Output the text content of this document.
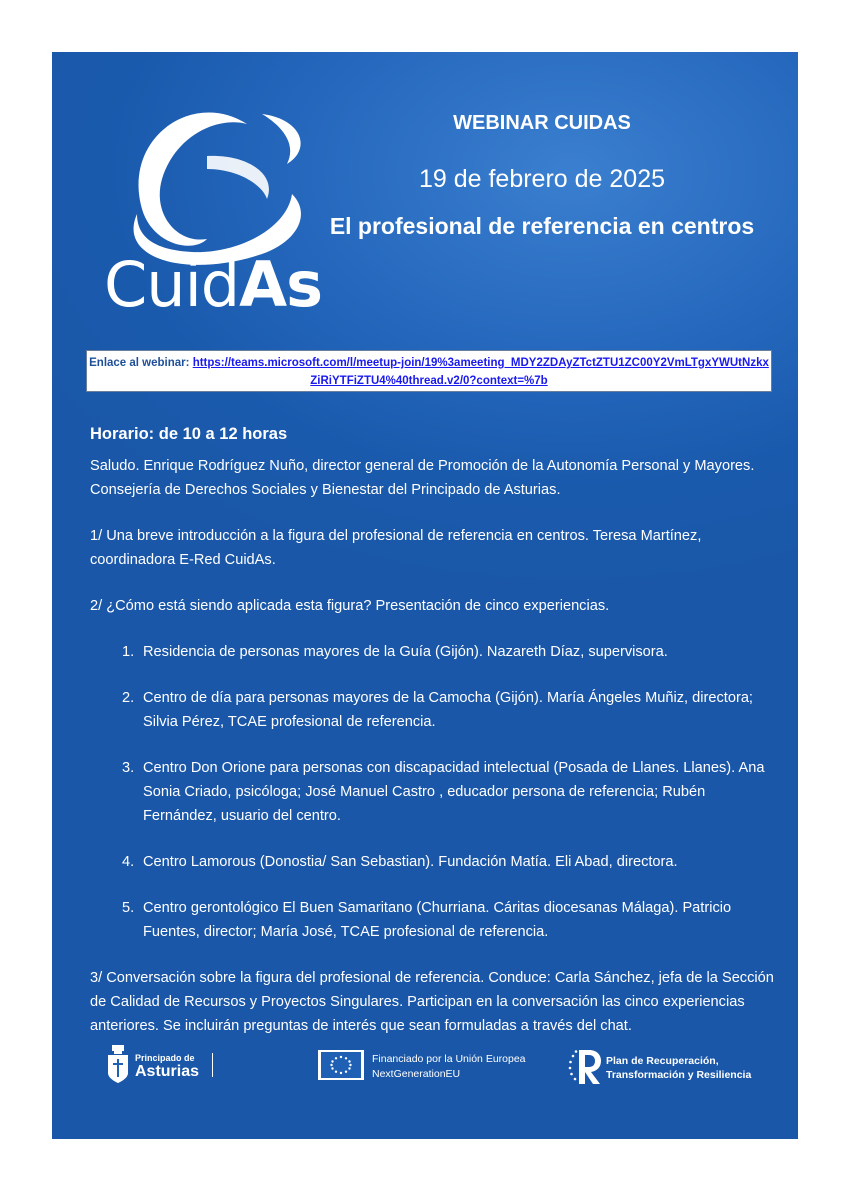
CuidAs
WEBINAR CUIDAS
19 de febrero de 2025
El profesional de referencia en centros
Enlace al webinar: https://teams.microsoft.com/l/meetup-join/19%3ameeting_MDY2ZDAyZTctZTU1ZC00Y2VmLTgxYWUtNzkxZiRiYTFiZTU4%40thread.v2/0?context=%7b

Horario: de 10 a 12 horas

Saludo. Enrique Rodríguez Nuño, director general de Promoción de la Autonomía Personal y Mayores. Consejería de Derechos Sociales y Bienestar del Principado de Asturias.

1/ Una breve introducción a la figura del profesional de referencia en centros. Teresa Martínez, coordinadora E-Red CuidAs.

2/ ¿Cómo está siendo aplicada esta figura? Presentación de cinco experiencias.

1. Residencia de personas mayores de la Guía (Gijón). Nazareth Díaz, supervisora.
2. Centro de día para personas mayores de la Camocha (Gijón). María Ángeles Muñiz, directora; Silvia Pérez, TCAE profesional de referencia.
3. Centro Don Orione para personas con discapacidad intelectual (Posada de Llanes. Llanes). Ana Sonia Criado, psicóloga; José Manuel Castro , educador persona de referencia; Rubén Fernández, usuario del centro.
4. Centro Lamorous (Donostia/ San Sebastian). Fundación Matía. Eli Abad, directora.
5. Centro gerontológico El Buen Samaritano (Churriana. Cáritas diocesanas Málaga). Patricio Fuentes, director; María José, TCAE profesional de referencia.

3/ Conversación sobre la figura del profesional de referencia. Conduce: Carla Sánchez, jefa de la Sección de Calidad de Recursos y Proyectos Singulares. Participan en la conversación las cinco experiencias anteriores. Se incluirán preguntas de interés que sean formuladas a través del chat.

Principado de
Asturias
Financiado por la Unión Europea
NextGenerationEU
Plan de Recuperación,
Transformación y Resiliencia
